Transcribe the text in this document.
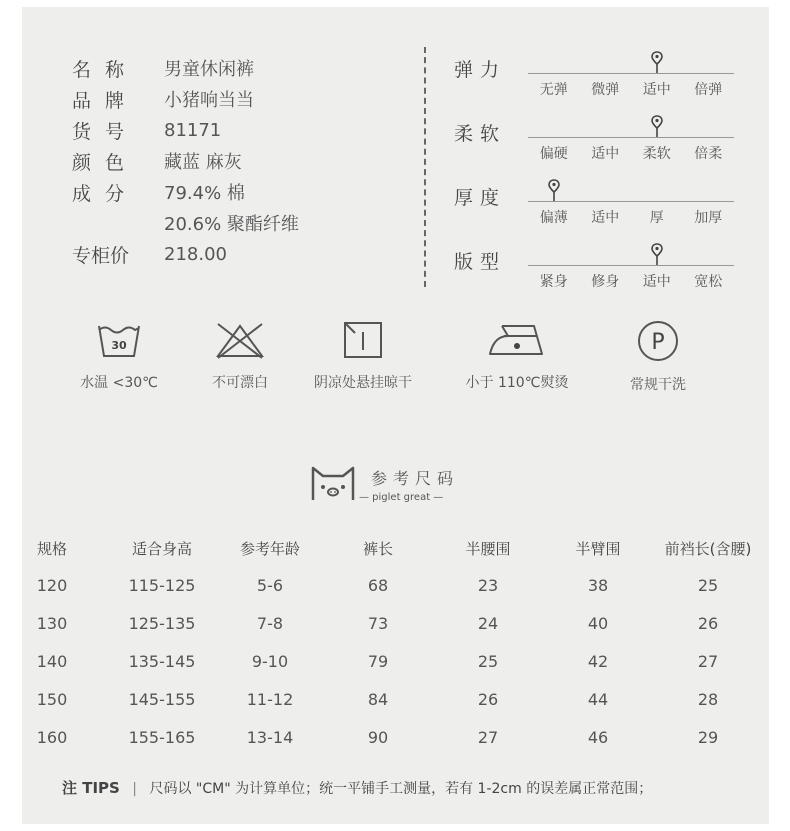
名称	男童休闲裤
品牌	小猪响当当
货号	81171
颜色	藏蓝 麻灰
成分	79.4% 棉
20.6% 聚酯纤维
专柜价	218.00
弹力
无弹	微弹	适中	倍弹
柔软
偏硬	适中	柔软	倍柔
厚度
偏薄	适中	厚	加厚
版型
紧身	修身	适中	宽松
30
水温 <30℃	不可漂白	阴凉处悬挂晾干	小于 110℃熨烫
P
常规干洗
参考尺码
— piglet great —
规格	适合身高	参考年龄	裤长	半腰围	半臂围	前裆长(含腰)
120	115-125	5-6	68	23	38	25
130	125-135	7-8	73	24	40	26
140	135-145	9-10	79	25	42	27
150	145-155	11-12	84	26	44	28
160	155-165	13-14	90	27	46	29
注 TIPS | 尺码以 "CM" 为计算单位；统一平铺手工测量，若有 1-2cm 的误差属正常范围；
